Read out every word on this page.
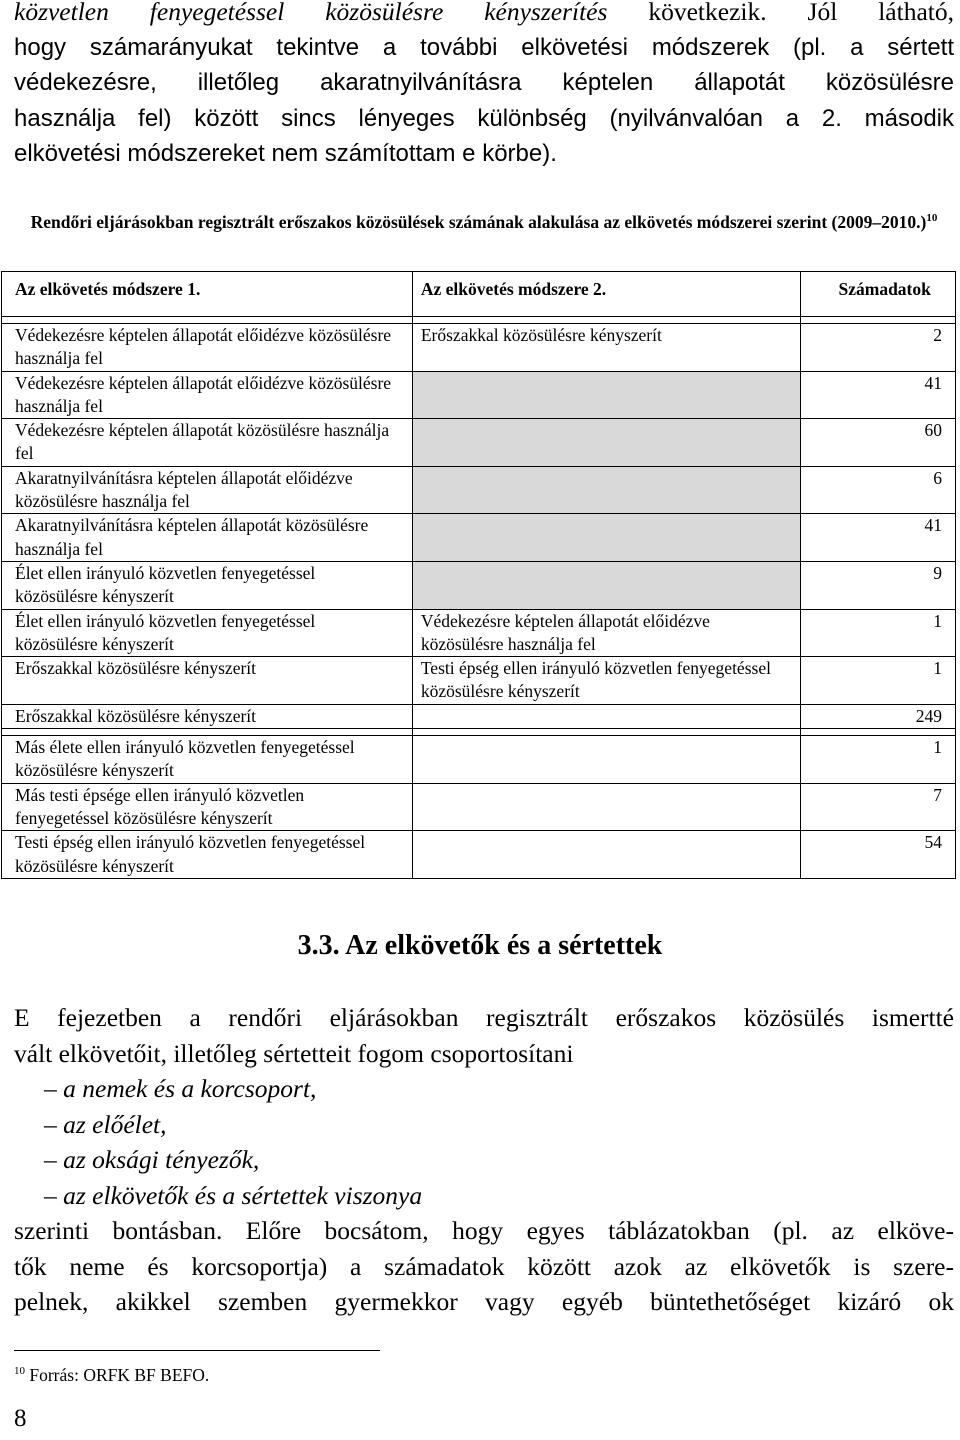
közvetlen fenyegetéssel közösülésre kényszerítés következik. Jól látható,
hogy számarányukat tekintve a további elkövetési módszerek (pl. a sértett
védekezésre, illetőleg akaratnyilvánításra képtelen állapotát közösülésre
használja fel) között sincs lényeges különbség (nyilvánvalóan a 2. második
elkövetési módszereket nem számítottam e körbe).
Rendőri eljárásokban regisztrált erőszakos közösülések számának alakulása az elkövetés módszerei szerint $(2009-2010.)^{10}$
Az elkövetés módszere 1.	Az elkövetés módszere 2.	Számadatok

Védekezésre képtelen állapotát előidézve közösülésre használja fel	Erőszakkal közösülésre kényszerít	2
Védekezésre képtelen állapotát előidézve közösülésre használja fel		41
Védekezésre képtelen állapotát közösülésre használja fel		60
Akaratnyilvánításra képtelen állapotát előidézve közösülésre használja fel		6
Akaratnyilvánításra képtelen állapotát közösülésre használja fel		41
Élet ellen irányuló közvetlen fenyegetéssel közösülésre kényszerít		9
Élet ellen irányuló közvetlen fenyegetéssel közösülésre kényszerít	Védekezésre képtelen állapotát előidézve közösülésre használja fel	1
Erőszakkal közösülésre kényszerít	Testi épség ellen irányuló közvetlen fenyegetéssel közösülésre kényszerít	1
Erőszakkal közösülésre kényszerít		249

Más élete ellen irányuló közvetlen fenyegetéssel közösülésre kényszerít		1
Más testi épsége ellen irányuló közvetlen fenyegetéssel közösülésre kényszerít		7
Testi épség ellen irányuló közvetlen fenyegetéssel közösülésre kényszerít		54
3.3. Az elkövetők és a sértettek
E fejezetben a rendőri eljárásokban regisztrált erőszakos közösülés ismertté
vált elkövetőit, illetőleg sértetteit fogom csoportosítani
– a nemek és a korcsoport,
– az előélet,
– az oksági tényezők,
– az elkövetők és a sértettek viszonya
szerinti bontásban. Előre bocsátom, hogy egyes táblázatokban (pl. az elköve-
tők neme és korcsoportja) a számadatok között azok az elkövetők is szere-
pelnek, akikkel szemben gyermekkor vagy egyéb büntethetőséget kizáró ok
$^{10}$ Forrás: ORFK BF BEFO.
8
